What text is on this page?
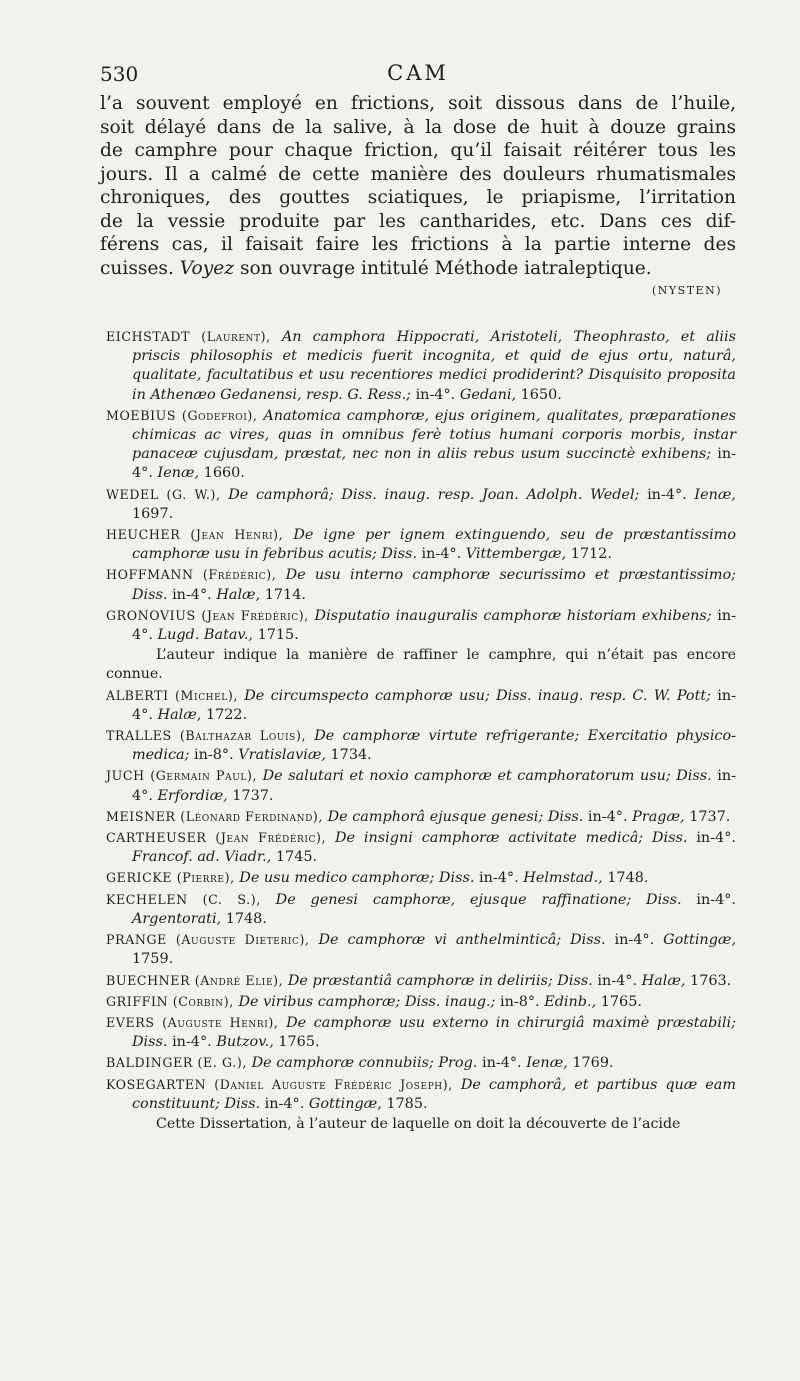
530	CAM
l’a souvent employé en frictions, soit dissous dans de l’huile,
soit délayé dans de la salive, à la dose de huit à douze grains
de camphre pour chaque friction, qu’il faisait réitérer tous les
jours. Il a calmé de cette manière des douleurs rhumatismales
chroniques, des gouttes sciatiques, le priapisme, l’irritation
de la vessie produite par les cantharides, etc. Dans ces dif-
férens cas, il faisait faire les frictions à la partie interne des
cuisses. Voyez son ouvrage intitulé Méthode iatraleptique.
(NYSTEN)

EICHSTADT (Laurent), An camphora Hippocrati, Aristoteli, Theophrasto, et aliis priscis philosophis et medicis fuerit incognita, et quid de ejus ortu, naturâ, qualitate, facultatibus et usu recentiores medici prodiderint? Disquisito proposita in Athenæo Gedanensi, resp. G. Ress.; in-4°. Gedani, 1650.

MOEBIUS (Godefroi), Anatomica camphoræ, ejus originem, qualitates, præparationes chimicas ac vires, quas in omnibus ferè totius humani corporis morbis, instar panaceæ cujusdam, præstat, nec non in aliis rebus usum succinctè exhibens; in-4°. Ienæ, 1660.

WEDEL (G. W.), De camphorâ; Diss. inaug. resp. Joan. Adolph. Wedel; in-4°. Ienæ, 1697.

HEUCHER (Jean Henri), De igne per ignem extinguendo, seu de præstantissimo camphoræ usu in febribus acutis; Diss. in-4°. Vittembergæ, 1712.

HOFFMANN (Frédéric), De usu interno camphoræ securissimo et præstantissimo; Diss. in-4°. Halæ, 1714.

GRONOVIUS (Jean Frédéric), Disputatio inauguralis camphoræ historiam exhibens; in-4°. Lugd. Batav., 1715.

L’auteur indique la manière de raffiner le camphre, qui n’était pas encore connue.

ALBERTI (Michel), De circumspecto camphoræ usu; Diss. inaug. resp. C. W. Pott; in-4°. Halæ, 1722.

TRALLES (Balthazar Louis), De camphoræ virtute refrigerante; Exercitatio physico-medica; in-8°. Vratislaviæ, 1734.

JUCH (Germain Paul), De salutari et noxio camphoræ et camphoratorum usu; Diss. in-4°. Erfordiæ, 1737.

MEISNER (Léonard Ferdinand), De camphorâ ejusque genesi; Diss. in-4°. Pragæ, 1737.

CARTHEUSER (Jean Frédéric), De insigni camphoræ activitate medicâ; Diss. in-4°. Francof. ad. Viadr., 1745.

GERICKE (Pierre), De usu medico camphoræ; Diss. in-4°. Helmstad., 1748.

KECHELEN (C. S.), De genesi camphoræ, ejusque raffinatione; Diss. in-4°. Argentorati, 1748.

PRANGE (Auguste Dieteric), De camphoræ vi anthelminticâ; Diss. in-4°. Gottingæ, 1759.

BUECHNER (André Elie), De præstantiâ camphoræ in deliriis; Diss. in-4°. Halæ, 1763.

GRIFFIN (Corbin), De viribus camphoræ; Diss. inaug.; in-8°. Edinb., 1765.

EVERS (Auguste Henri), De camphoræ usu externo in chirurgiâ maximè præstabili; Diss. in-4°. Butzov., 1765.

BALDINGER (E. G.), De camphoræ connubiis; Prog. in-4°. Ienæ, 1769.

KOSEGARTEN (Daniel Auguste Frédéric Joseph), De camphorâ, et partibus quæ eam constituunt; Diss. in-4°. Gottingæ, 1785.

Cette Dissertation, à l’auteur de laquelle on doit la découverte de l’acide
